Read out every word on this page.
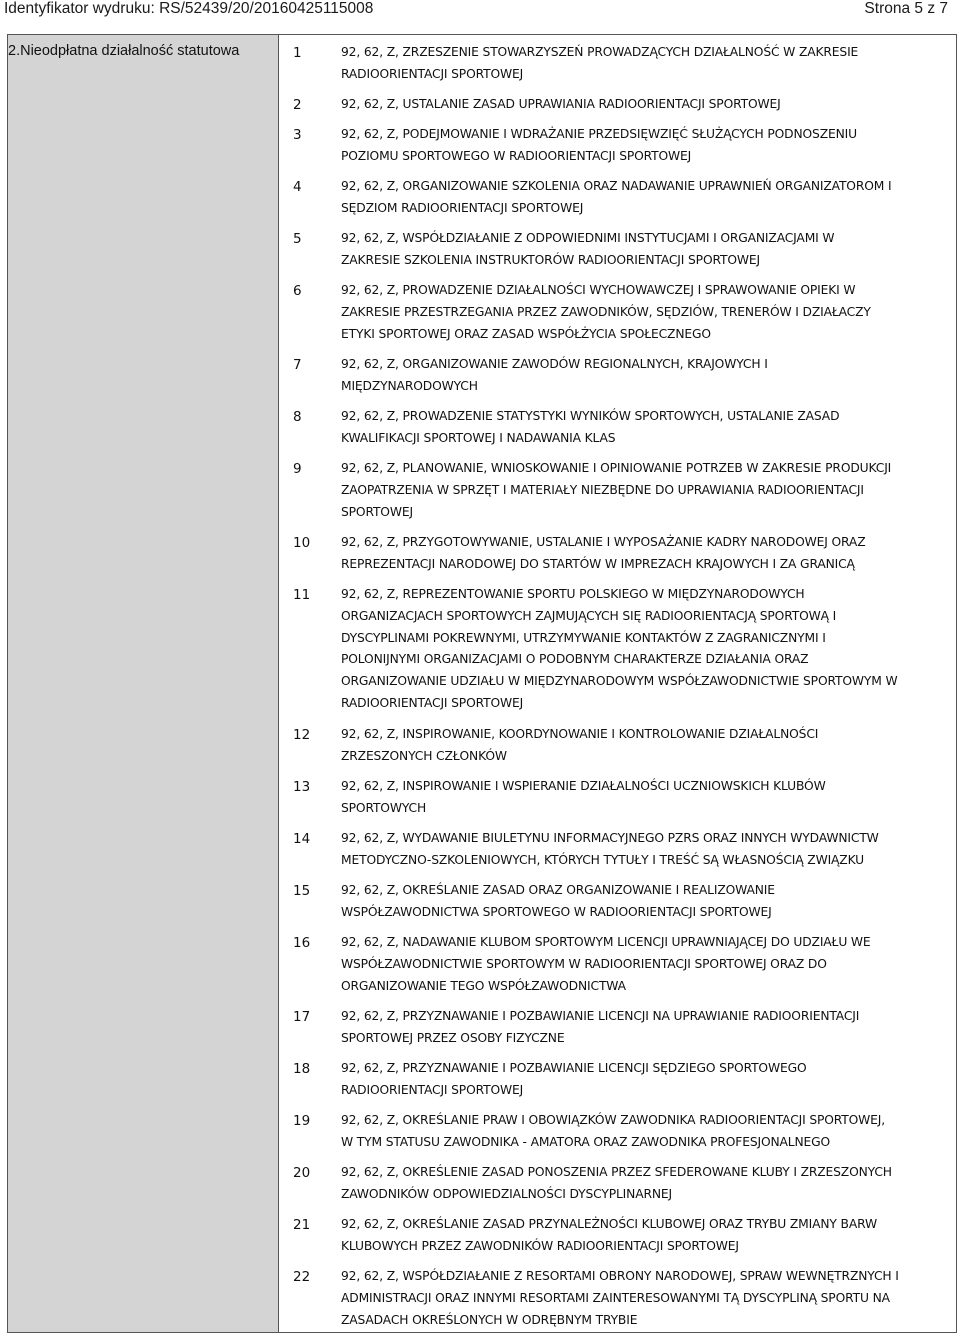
Identyfikator wydruku: RS/52439/20/20160425115008	Strona 5 z 7
2.Nieodpłatna działalność statutowa	1	92, 62, Z, ZRZESZENIE STOWARZYSZEŃ PROWADZĄCYCH DZIAŁALNOŚĆ W ZAKRESIE
RADIOORIENTACJI SPORTOWEJ
2	92, 62, Z, USTALANIE ZASAD UPRAWIANIA RADIOORIENTACJI SPORTOWEJ
3	92, 62, Z, PODEJMOWANIE I WDRAŻANIE PRZEDSIĘWZIĘĆ SŁUŻĄCYCH PODNOSZENIU
POZIOMU SPORTOWEGO W RADIOORIENTACJI SPORTOWEJ
4	92, 62, Z, ORGANIZOWANIE SZKOLENIA ORAZ NADAWANIE UPRAWNIEŃ ORGANIZATOROM I
SĘDZIOM RADIOORIENTACJI SPORTOWEJ
5	92, 62, Z, WSPÓŁDZIAŁANIE Z ODPOWIEDNIMI INSTYTUCJAMI I ORGANIZACJAMI W
ZAKRESIE SZKOLENIA INSTRUKTORÓW RADIOORIENTACJI SPORTOWEJ
6	92, 62, Z, PROWADZENIE DZIAŁALNOŚCI WYCHOWAWCZEJ I SPRAWOWANIE OPIEKI W
ZAKRESIE PRZESTRZEGANIA PRZEZ ZAWODNIKÓW, SĘDZIÓW, TRENERÓW I DZIAŁACZY
ETYKI SPORTOWEJ ORAZ ZASAD WSPÓŁŻYCIA SPOŁECZNEGO
7	92, 62, Z, ORGANIZOWANIE ZAWODÓW REGIONALNYCH, KRAJOWYCH I
MIĘDZYNARODOWYCH
8	92, 62, Z, PROWADZENIE STATYSTYKI WYNIKÓW SPORTOWYCH, USTALANIE ZASAD
KWALIFIKACJI SPORTOWEJ I NADAWANIA KLAS
9	92, 62, Z, PLANOWANIE, WNIOSKOWANIE I OPINIOWANIE POTRZEB W ZAKRESIE PRODUKCJI
ZAOPATRZENIA W SPRZĘT I MATERIAŁY NIEZBĘDNE DO UPRAWIANIA RADIOORIENTACJI
SPORTOWEJ
10	92, 62, Z, PRZYGOTOWYWANIE, USTALANIE I WYPOSAŻANIE KADRY NARODOWEJ ORAZ
REPREZENTACJI NARODOWEJ DO STARTÓW W IMPREZACH KRAJOWYCH I ZA GRANICĄ
11	92, 62, Z, REPREZENTOWANIE SPORTU POLSKIEGO W MIĘDZYNARODOWYCH
ORGANIZACJACH SPORTOWYCH ZAJMUJĄCYCH SIĘ RADIOORIENTACJĄ SPORTOWĄ I
DYSCYPLINAMI POKREWNYMI, UTRZYMYWANIE KONTAKTÓW Z ZAGRANICZNYMI I
POLONIJNYMI ORGANIZACJAMI O PODOBNYM CHARAKTERZE DZIAŁANIA ORAZ
ORGANIZOWANIE UDZIAŁU W MIĘDZYNARODOWYM WSPÓŁZAWODNICTWIE SPORTOWYM W
RADIOORIENTACJI SPORTOWEJ
12	92, 62, Z, INSPIROWANIE, KOORDYNOWANIE I KONTROLOWANIE DZIAŁALNOŚCI
ZRZESZONYCH CZŁONKÓW
13	92, 62, Z, INSPIROWANIE I WSPIERANIE DZIAŁALNOŚCI UCZNIOWSKICH KLUBÓW
SPORTOWYCH
14	92, 62, Z, WYDAWANIE BIULETYNU INFORMACYJNEGO PZRS ORAZ INNYCH WYDAWNICTW
METODYCZNO-SZKOLENIOWYCH, KTÓRYCH TYTUŁY I TREŚĆ SĄ WŁASNOŚCIĄ ZWIĄZKU
15	92, 62, Z, OKREŚLANIE ZASAD ORAZ ORGANIZOWANIE I REALIZOWANIE
WSPÓŁZAWODNICTWA SPORTOWEGO W RADIOORIENTACJI SPORTOWEJ
16	92, 62, Z, NADAWANIE KLUBOM SPORTOWYM LICENCJI UPRAWNIAJĄCEJ DO UDZIAŁU WE
WSPÓŁZAWODNICTWIE SPORTOWYM W RADIOORIENTACJI SPORTOWEJ ORAZ DO
ORGANIZOWANIE TEGO WSPÓŁZAWODNICTWA
17	92, 62, Z, PRZYZNAWANIE I POZBAWIANIE LICENCJI NA UPRAWIANIE RADIOORIENTACJI
SPORTOWEJ PRZEZ OSOBY FIZYCZNE
18	92, 62, Z, PRZYZNAWANIE I POZBAWIANIE LICENCJI SĘDZIEGO SPORTOWEGO
RADIOORIENTACJI SPORTOWEJ
19	92, 62, Z, OKREŚLANIE PRAW I OBOWIĄZKÓW ZAWODNIKA RADIOORIENTACJI SPORTOWEJ,
W TYM STATUSU ZAWODNIKA - AMATORA ORAZ ZAWODNIKA PROFESJONALNEGO
20	92, 62, Z, OKREŚLENIE ZASAD PONOSZENIA PRZEZ SFEDEROWANE KLUBY I ZRZESZONYCH
ZAWODNIKÓW ODPOWIEDZIALNOŚCI DYSCYPLINARNEJ
21	92, 62, Z, OKREŚLANIE ZASAD PRZYNALEŻNOŚCI KLUBOWEJ ORAZ TRYBU ZMIANY BARW
KLUBOWYCH PRZEZ ZAWODNIKÓW RADIOORIENTACJI SPORTOWEJ
22	92, 62, Z, WSPÓŁDZIAŁANIE Z RESORTAMI OBRONY NARODOWEJ, SPRAW WEWNĘTRZNYCH I
ADMINISTRACJI ORAZ INNYMI RESORTAMI ZAINTERESOWANYMI TĄ DYSCYPLINĄ SPORTU NA
ZASADACH OKREŚLONYCH W ODRĘBNYM TRYBIE
